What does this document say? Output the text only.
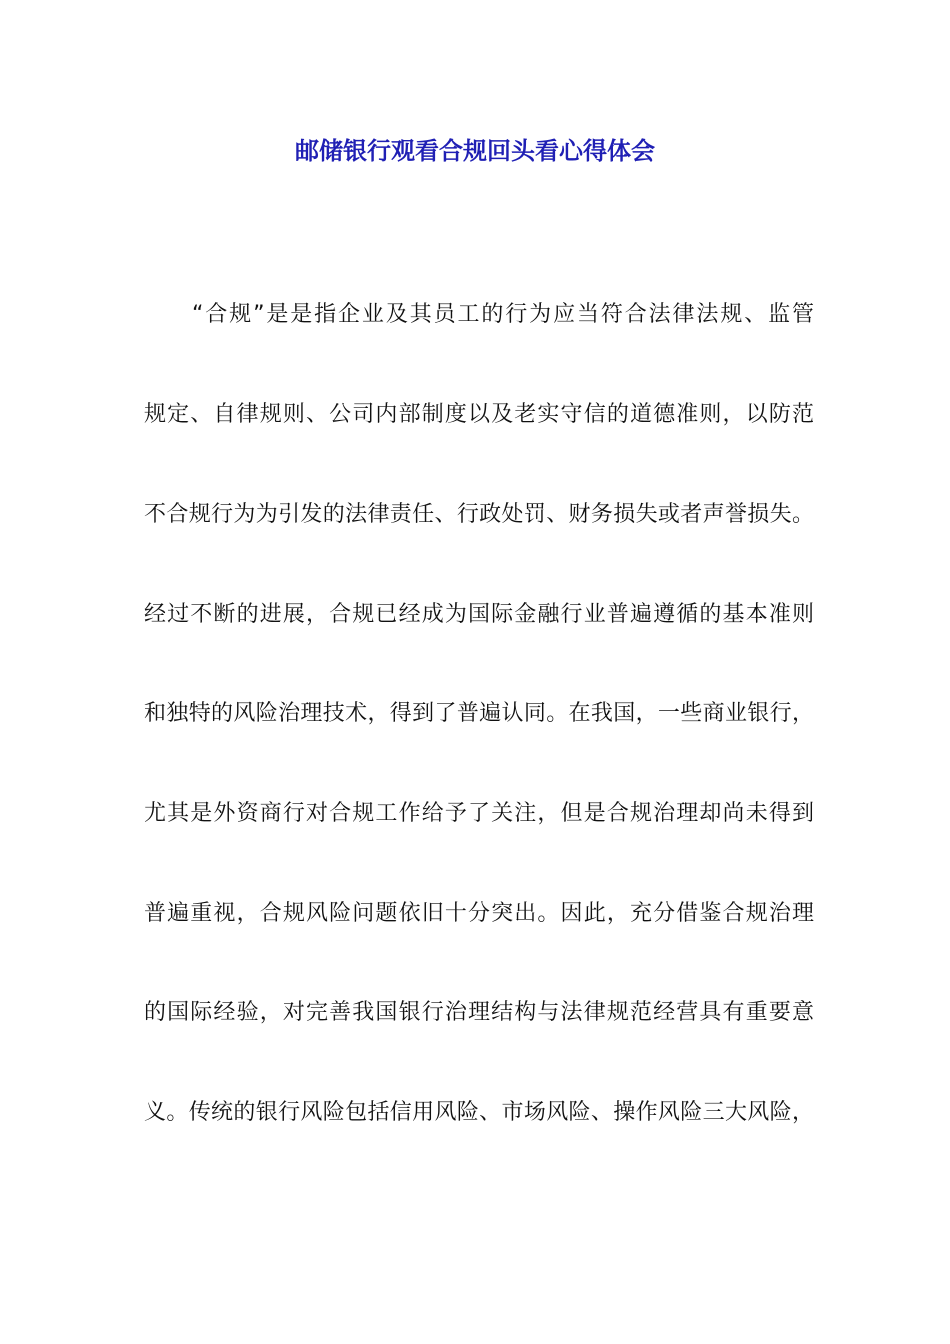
邮储银行观看合规回头看心得体会

“合规”是是指企业及其员工的行为应当符合法律法规、监管

规定、自律规则、公司内部制度以及老实守信的道德准则，以防范

不合规行为为引发的法律责任、行政处罚、财务损失或者声誉损失。

经过不断的进展，合规已经成为国际金融行业普遍遵循的基本准则

和独特的风险治理技术，得到了普遍认同。在我国，一些商业银行，

尤其是外资商行对合规工作给予了关注，但是合规治理却尚未得到

普遍重视，合规风险问题依旧十分突出。因此，充分借鉴合规治理

的国际经验，对完善我国银行治理结构与法律规范经营具有重要意

义。传统的银行风险包括信用风险、市场风险、操作风险三大风险，
